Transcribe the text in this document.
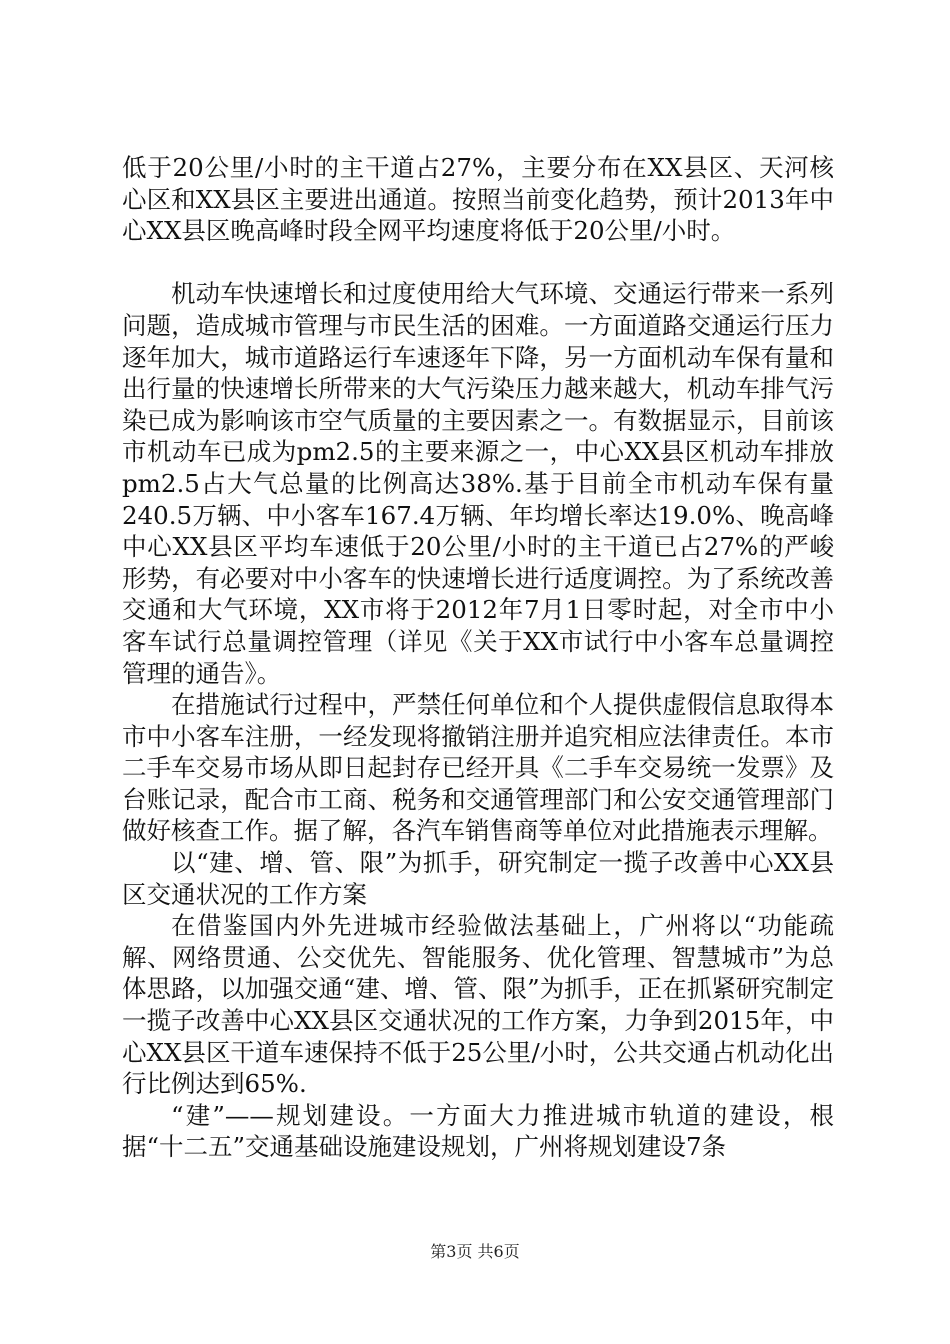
低于20公里/小时的主干道占27%，主要分布在XX县区、天河核心区和XX县区主要进出通道。按照当前变化趋势，预计2013年中心XX县区晚高峰时段全网平均速度将低于20公里/小时。

机动车快速增长和过度使用给大气环境、交通运行带来一系列问题，造成城市管理与市民生活的困难。一方面道路交通运行压力逐年加大，城市道路运行车速逐年下降，另一方面机动车保有量和出行量的快速增长所带来的大气污染压力越来越大，机动车排气污染已成为影响该市空气质量的主要因素之一。有数据显示，目前该市机动车已成为pm2.5的主要来源之一，中心XX县区机动车排放pm2.5占大气总量的比例高达38%.基于目前全市机动车保有量240.5万辆、中小客车167.4万辆、年均增长率达19.0%、晚高峰中心XX县区平均车速低于20公里/小时的主干道已占27%的严峻形势，有必要对中小客车的快速增长进行适度调控。为了系统改善交通和大气环境，XX市将于2012年7月1日零时起，对全市中小客车试行总量调控管理（详见《关于XX市试行中小客车总量调控管理的通告》。

在措施试行过程中，严禁任何单位和个人提供虚假信息取得本市中小客车注册，一经发现将撤销注册并追究相应法律责任。本市二手车交易市场从即日起封存已经开具《二手车交易统一发票》及台账记录，配合市工商、税务和交通管理部门和公安交通管理部门做好核查工作。据了解，各汽车销售商等单位对此措施表示理解。

以“建、增、管、限”为抓手，研究制定一揽子改善中心XX县区交通状况的工作方案

在借鉴国内外先进城市经验做法基础上，广州将以“功能疏解、网络贯通、公交优先、智能服务、优化管理、智慧城市”为总体思路，以加强交通“建、增、管、限”为抓手，正在抓紧研究制定一揽子改善中心XX县区交通状况的工作方案，力争到2015年，中心XX县区干道车速保持不低于25公里/小时，公共交通占机动化出行比例达到65%.

“建”——规划建设。一方面大力推进城市轨道的建设，根据“十二五”交通基础设施建设规划，广州将规划建设7条

第3页 共6页
